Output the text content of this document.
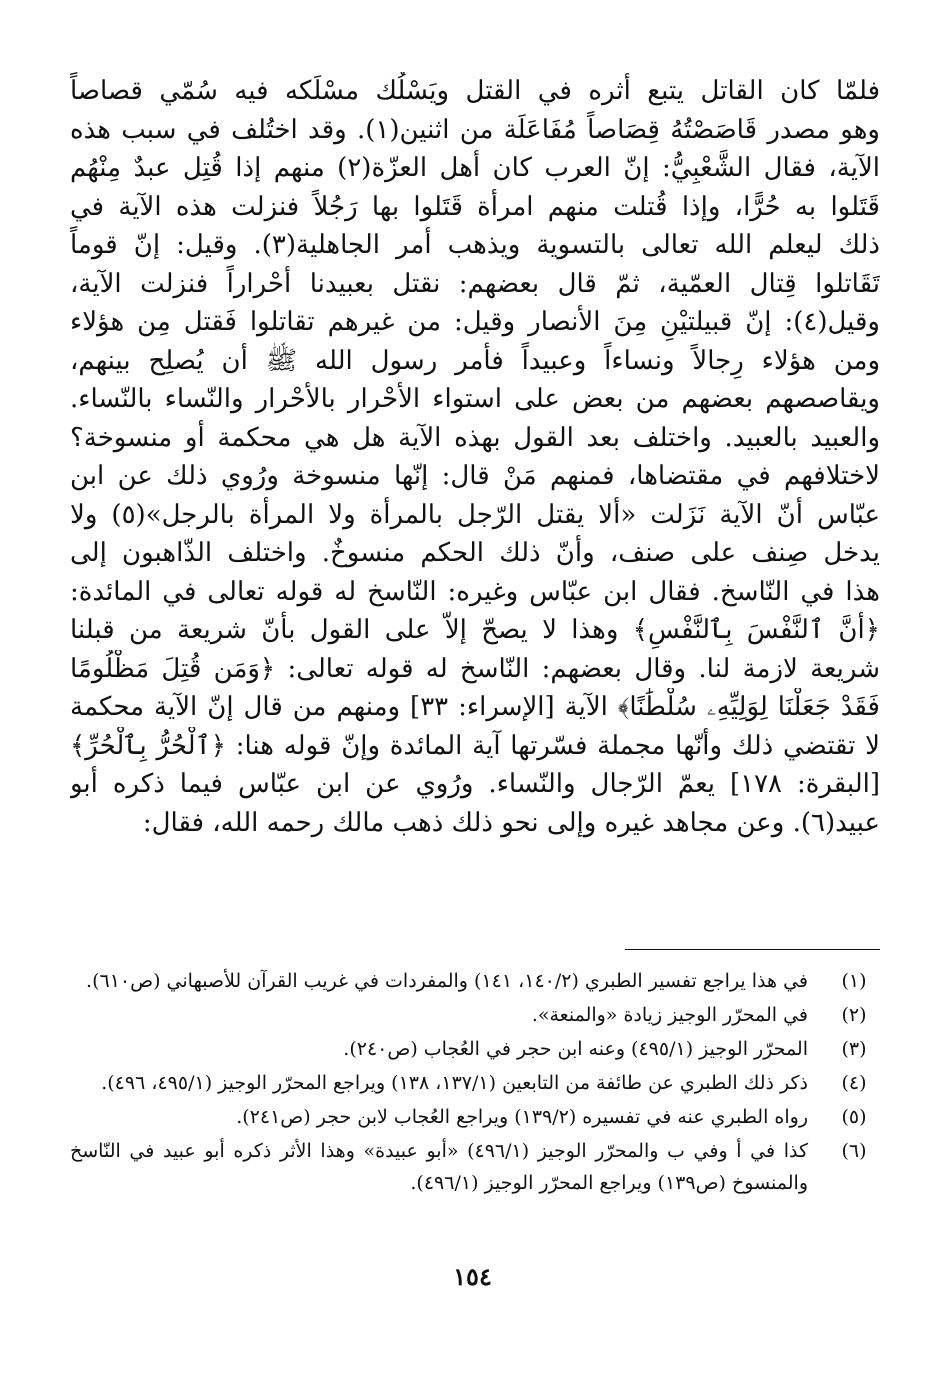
فلمّا كان القاتل يتبع أثره في القتل ويَسْلُك مسْلَكه فيه سُمّي قصاصاً
وهو مصدر قَاصَصْتُهُ قِصَاصاً مُفَاعَلَة من اثنين(١). وقد اختُلف في سبب هذه
الآية، فقال الشَّعْبِيُّ: إنّ العرب كان أهل العزّة(٢) منهم إذا قُتِل عبدٌ مِنْهُم
قَتَلوا به حُرًّا، وإذا قُتلت منهم امرأة قَتَلوا بها رَجُلاً فنزلت هذه الآية في
ذلك ليعلم الله تعالى بالتسوية ويذهب أمر الجاهلية(٣). وقيل: إنّ قوماً
تَقَاتلوا قِتال العمّية، ثمّ قال بعضهم: نقتل بعبيدنا أحْراراً فنزلت الآية،
وقيل(٤): إنّ قبيلتيْنِ مِنَ الأنصار وقيل: من غيرهم تقاتلوا فَقتل مِن هؤلاء
ومن هؤلاء رِجالاً ونساءاً وعبيداً فأمر رسول الله ﷺ أن يُصلِح بينهم،
ويقاصصهم بعضهم من بعض على استواء الأحْرار بالأحْرار والنّساء بالنّساء.
والعبيد بالعبيد. واختلف بعد القول بهذه الآية هل هي محكمة أو منسوخة؟
لاختلافهم في مقتضاها، فمنهم مَنْ قال: إنّها منسوخة ورُوي ذلك عن ابن
عبّاس أنّ الآية نَزَلت «ألا يقتل الرّجل بالمرأة ولا المرأة بالرجل»(٥) ولا
يدخل صِنف على صنف، وأنّ ذلك الحكم منسوخٌ. واختلف الذّاهبون إلى
هذا في النّاسخ. فقال ابن عبّاس وغيره: النّاسخ له قوله تعالى في المائدة:
﴿أَنَّ ٱلنَّفْسَ بِٱلنَّفْسِ﴾ وهذا لا يصحّ إلاّ على القول بأنّ شريعة من قبلنا
شريعة لازمة لنا. وقال بعضهم: النّاسخ له قوله تعالى: ﴿وَمَن قُتِلَ مَظْلُومًا
فَقَدْ جَعَلْنَا لِوَلِيِّهِۦ سُلْطَٰنًا﴾ الآية [الإسراء: ٣٣] ومنهم من قال إنّ الآية محكمة
لا تقتضي ذلك وأنّها مجملة فسّرتها آية المائدة وإنّ قوله هنا: ﴿ٱلْحُرُّ بِٱلْحُرِّ﴾
[البقرة: ١٧٨] يعمّ الرّجال والنّساء. ورُوي عن ابن عبّاس فيما ذكره أبو
عبيد(٦). وعن مجاهد غيره وإلى نحو ذلك ذهب مالك رحمه الله، فقال:
(١)
في هذا يراجع تفسير الطبري (١٤٠/٢، ١٤١) والمفردات في غريب القرآن للأصبهاني (ص٦١٠).
(٢)
في المحرّر الوجيز زيادة «والمنعة».
(٣)
المحرّر الوجيز (٤٩٥/١) وعنه ابن حجر في العُجاب (ص٢٤٠).
(٤)
ذكر ذلك الطبري عن طائفة من التابعين (١٣٧/١، ١٣٨) ويراجع المحرّر الوجيز (٤٩٥/١، ٤٩٦).
(٥)
رواه الطبري عنه في تفسيره (١٣٩/٢) ويراجع العُجاب لابن حجر (ص٢٤١).
(٦)
كذا في أ وفي ب والمحرّر الوجيز (٤٩٦/١) «أبو عبيدة» وهذا الأثر ذكره أبو عبيد في النّاسخ والمنسوخ (ص١٣٩) ويراجع المحرّر الوجيز (٤٩٦/١).
١٥٤
